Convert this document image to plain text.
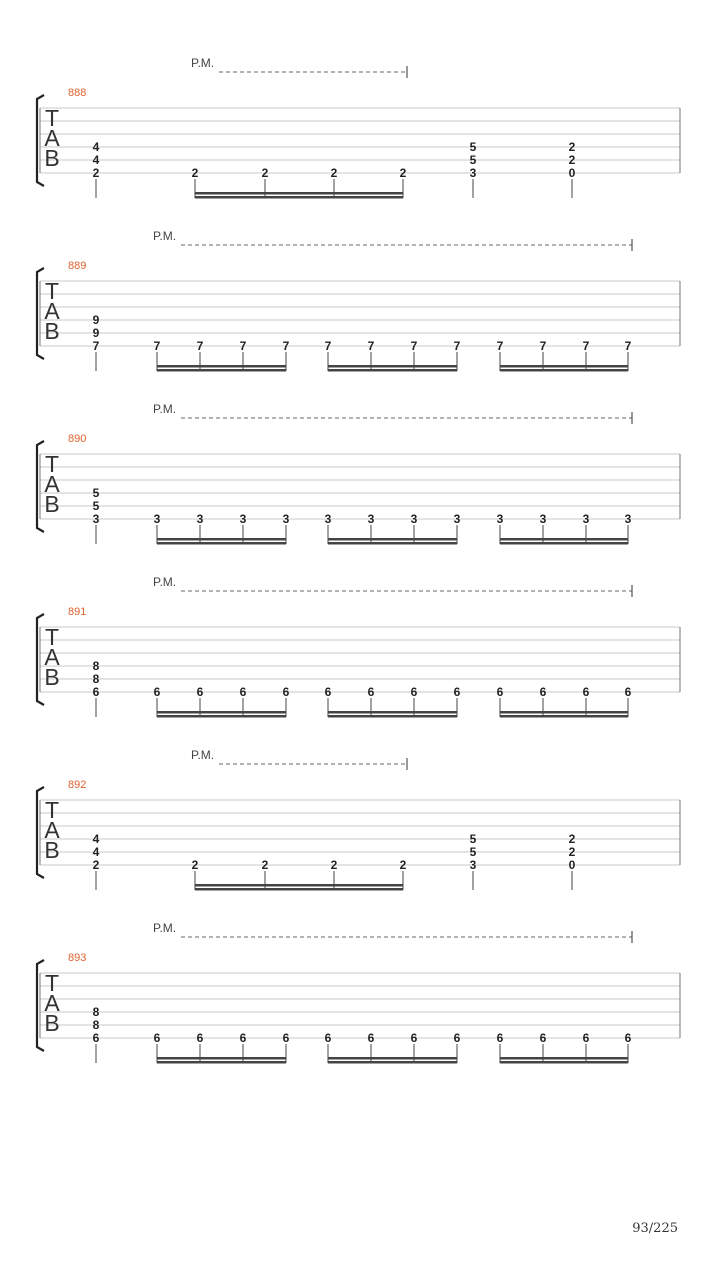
T
A
B
888
P.M.
4
4
2	2	2	2	2
5
5
3
2
2
0
T
A
B
889
P.M.
9
9
7	7	7	7	7	7	7	7	7	7	7	7	7
T
A
B
890
P.M.
5
5
3	3	3	3	3	3	3	3	3	3	3	3	3
T
A
B
891
P.M.
8
8
6	6	6	6	6	6	6	6	6	6	6	6	6
T
A
B
892
P.M.
4
4
2	2	2	2	2
5
5
3
2
2
0
T
A
B
893
P.M.
8
8
6	6	6	6	6	6	6	6	6	6	6	6	6
93/225
